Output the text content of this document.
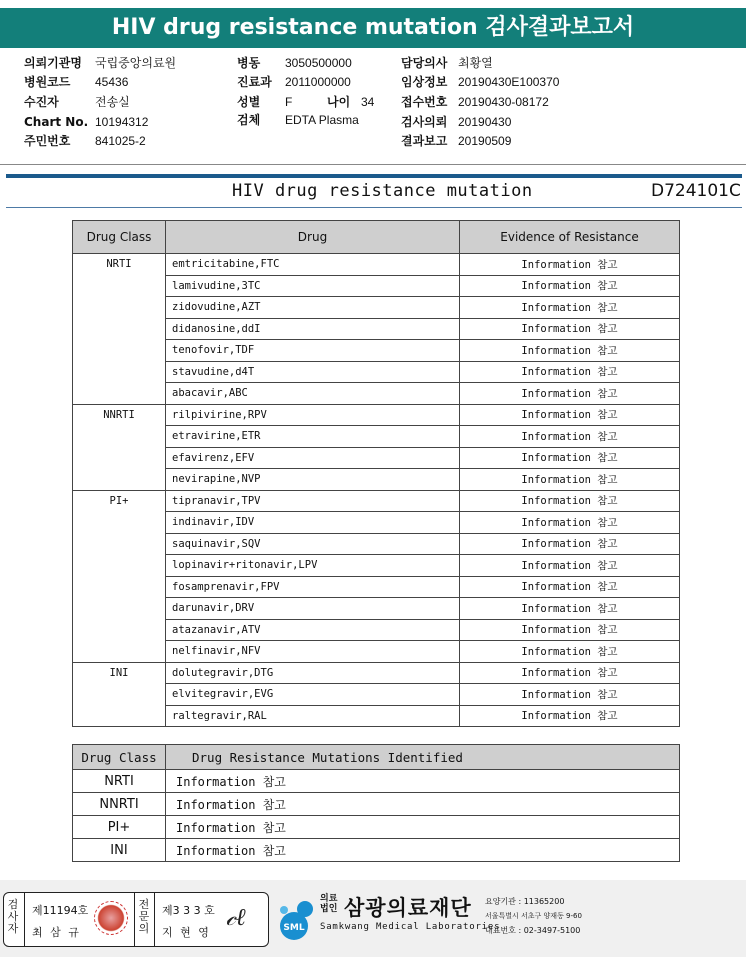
HIV drug resistance mutation 검사결과보고서
의뢰기관명 국립중앙의료원
병원코드 45436
수진자	전송실
Chart No. 10194312
주민번호 841025-2
병동 3050500000
진료과 2011000000
성별 F
검체 EDTA Plasma
담당의사 최황열
임상정보 20190430E100370
접수번호 20190430-08172
검사의뢰 20190430
결과보고 20190509
나이 34
HIV drug resistance mutation	D724101C
Drug Class	Drug	Evidence of Resistance
NRTI	emtricitabine,FTC	Information 참고
	lamivudine,3TC	Information 참고
	zidovudine,AZT	Information 참고
	didanosine,ddI	Information 참고
	tenofovir,TDF	Information 참고
	stavudine,d4T	Information 참고
	abacavir,ABC	Information 참고
NNRTI	rilpivirine,RPV	Information 참고
	etravirine,ETR	Information 참고
	efavirenz,EFV	Information 참고
	nevirapine,NVP	Information 참고
PI+	tipranavir,TPV	Information 참고
	indinavir,IDV	Information 참고
	saquinavir,SQV	Information 참고
	lopinavir+ritonavir,LPV	Information 참고
	fosamprenavir,FPV	Information 참고
	darunavir,DRV	Information 참고
	atazanavir,ATV	Information 참고
	nelfinavir,NFV	Information 참고
INI	dolutegravir,DTG	Information 참고
	elvitegravir,EVG	Information 참고
	raltegravir,RAL	Information 참고
Drug Class	Drug Resistance Mutations Identified
NRTI	Information 참고
NNRTI	Information 참고
PI+	Information 참고
INI	Information 참고
검사자
제11194호
최 삼 규
전문의
제3 3 3 호
지 현 영
𝒸ℓ	SML
의료법인 삼광의료재단
Samkwang Medical Laboratories
요양기관 : 11365200
서울특별시 서초구 양재동 9-60
대표번호 : 02-3497-5100
